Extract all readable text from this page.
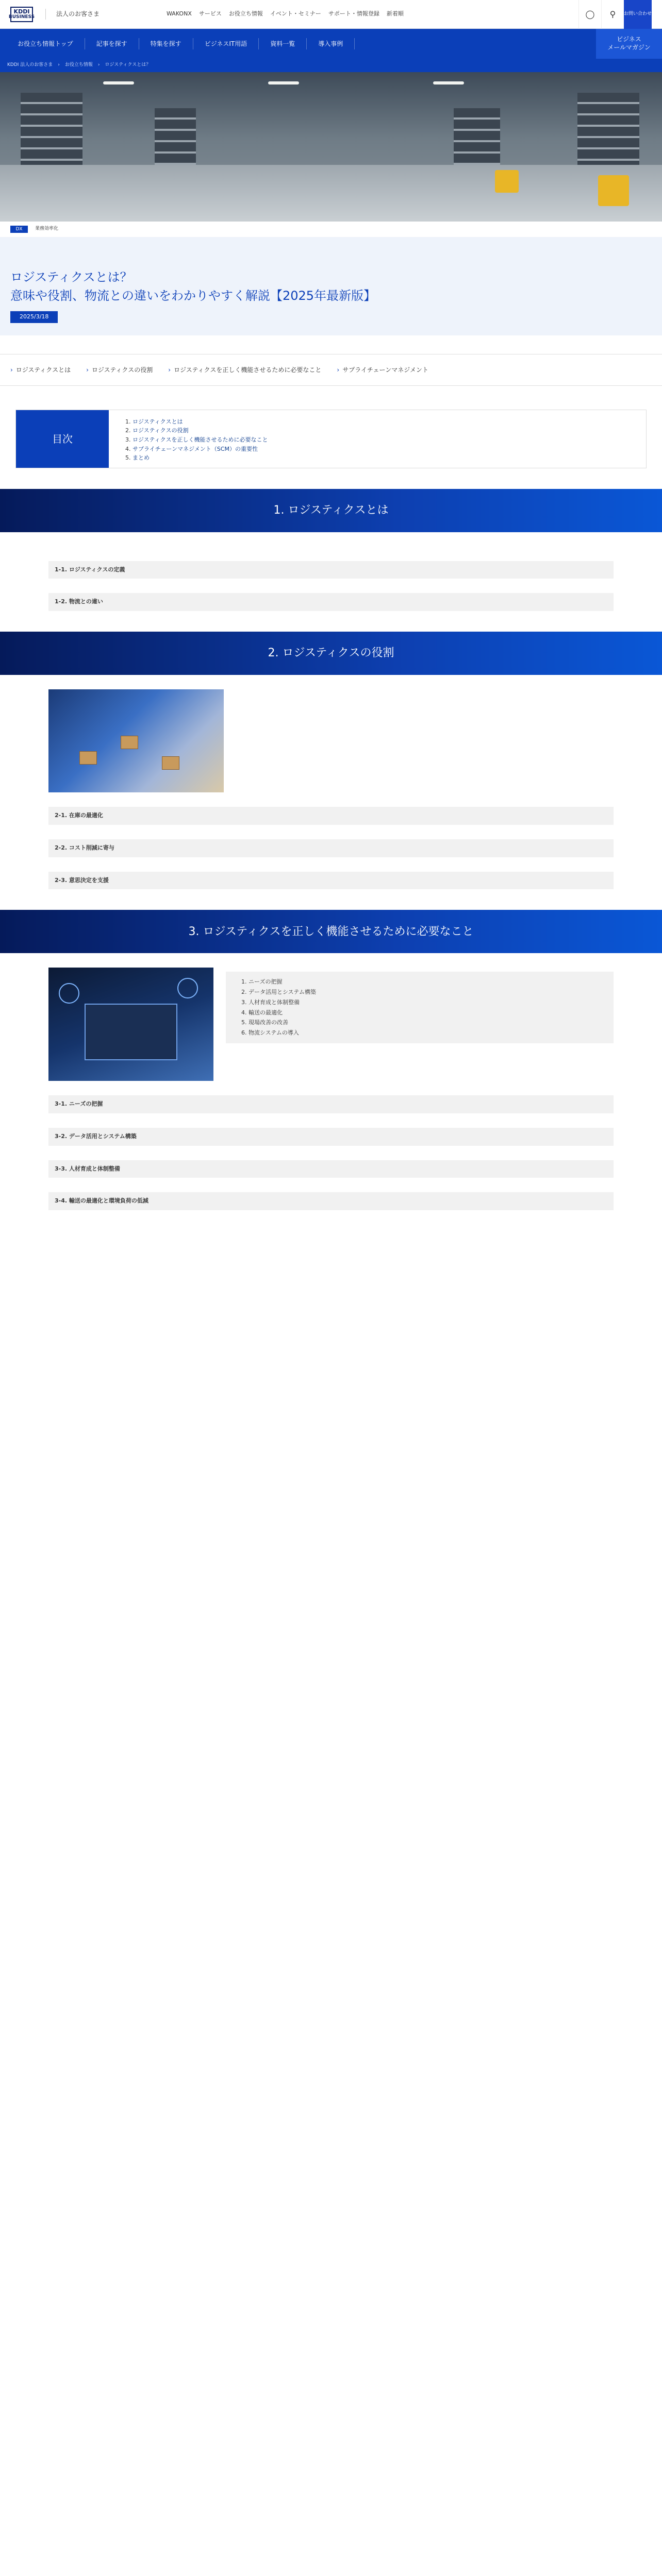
KDDI
BUSINESS	法人のお客さま	WAKONX サービス お役立ち情報 イベント・セミナー サポート・情報登録 新着順	◯	⚲	お問い合わせ
お役立ち情報トップ	記事を探す	特集を探す	ビジネスIT用語	資料一覧	導入事例
ビジネス
メールマガジン
KDDI 法人のお客さま › お役立ち情報 › ロジスティクスとは？
DX	業務効率化
ロジスティクスとは？
意味や役割、物流との違いをわかりやすく解説【2025年最新版】
2025/3/18
› ロジスティクスとは	› ロジスティクスの役割	› ロジスティクスを正しく機能させるために必要なこと	› サプライチェーンマネジメント
目次
1. ロジスティクスとは
2. ロジスティクスの役割
3. ロジスティクスを正しく機能させるために必要なこと
4. サプライチェーンマネジメント（SCM）の重要性
5. まとめ
1. ロジスティクスとは
1-1. ロジスティクスの定義
1-2. 物流との違い
2. ロジスティクスの役割
2-1. 在庫の最適化
2-2. コスト削減に寄与
2-3. 意思決定を支援
3. ロジスティクスを正しく機能させるために必要なこと
1. ニーズの把握
2. データ活用とシステム構築
3. 人材育成と体制整備
4. 輸送の最適化
5. 現場改善の改善
6. 物流システムの導入
3-1. ニーズの把握
3-2. データ活用とシステム構築
3-3. 人材育成と体制整備
3-4. 輸送の最適化と環境負荷の低減
